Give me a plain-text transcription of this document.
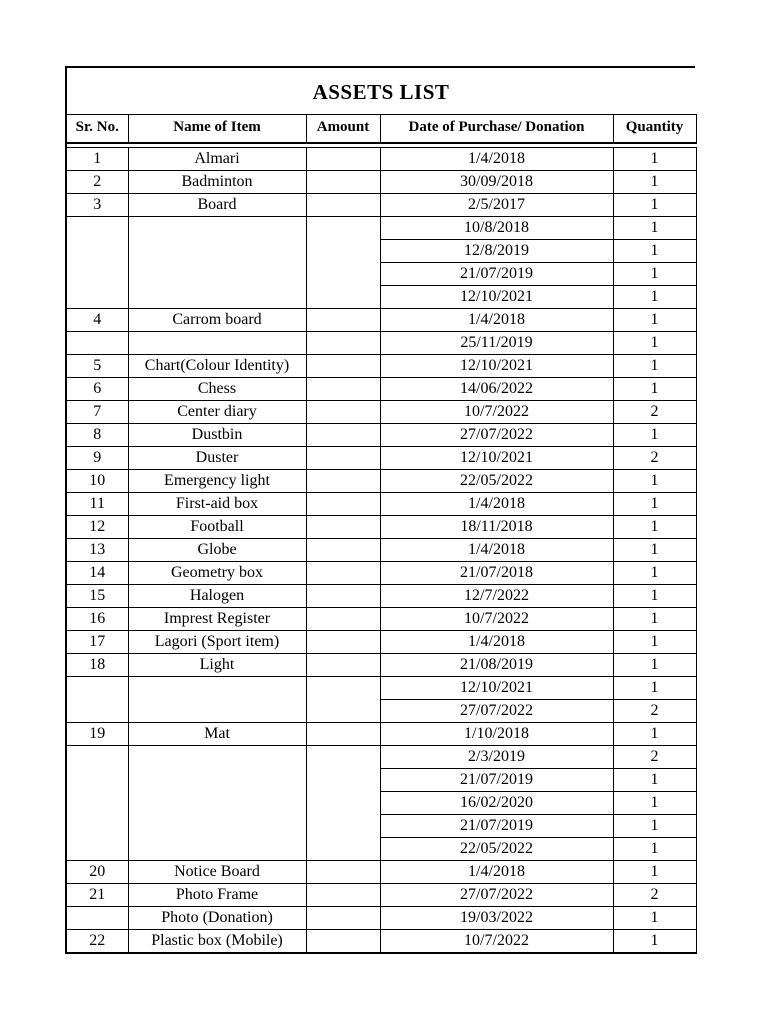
ASSETS LIST
Sr. No.	Name of Item	Amount	Date of Purchase/ Donation	Quantity

1	Almari		1/4/2018	1
2	Badminton		30/09/2018	1
3	Board		2/5/2017	1
			10/8/2018	1
			12/8/2019	1
			21/07/2019	1
			12/10/2021	1
4	Carrom board		1/4/2018	1
			25/11/2019	1
5	Chart(Colour Identity)		12/10/2021	1
6	Chess		14/06/2022	1
7	Center diary		10/7/2022	2
8	Dustbin		27/07/2022	1
9	Duster		12/10/2021	2
10	Emergency light		22/05/2022	1
11	First-aid box		1/4/2018	1
12	Football		18/11/2018	1
13	Globe		1/4/2018	1
14	Geometry box		21/07/2018	1
15	Halogen		12/7/2022	1
16	Imprest Register		10/7/2022	1
17	Lagori (Sport item)		1/4/2018	1
18	Light		21/08/2019	1
			12/10/2021	1
			27/07/2022	2
19	Mat		1/10/2018	1
			2/3/2019	2
			21/07/2019	1
			16/02/2020	1
			21/07/2019	1
			22/05/2022	1
20	Notice Board		1/4/2018	1
21	Photo Frame		27/07/2022	2
	Photo (Donation)		19/03/2022	1
22	Plastic box (Mobile)		10/7/2022	1
